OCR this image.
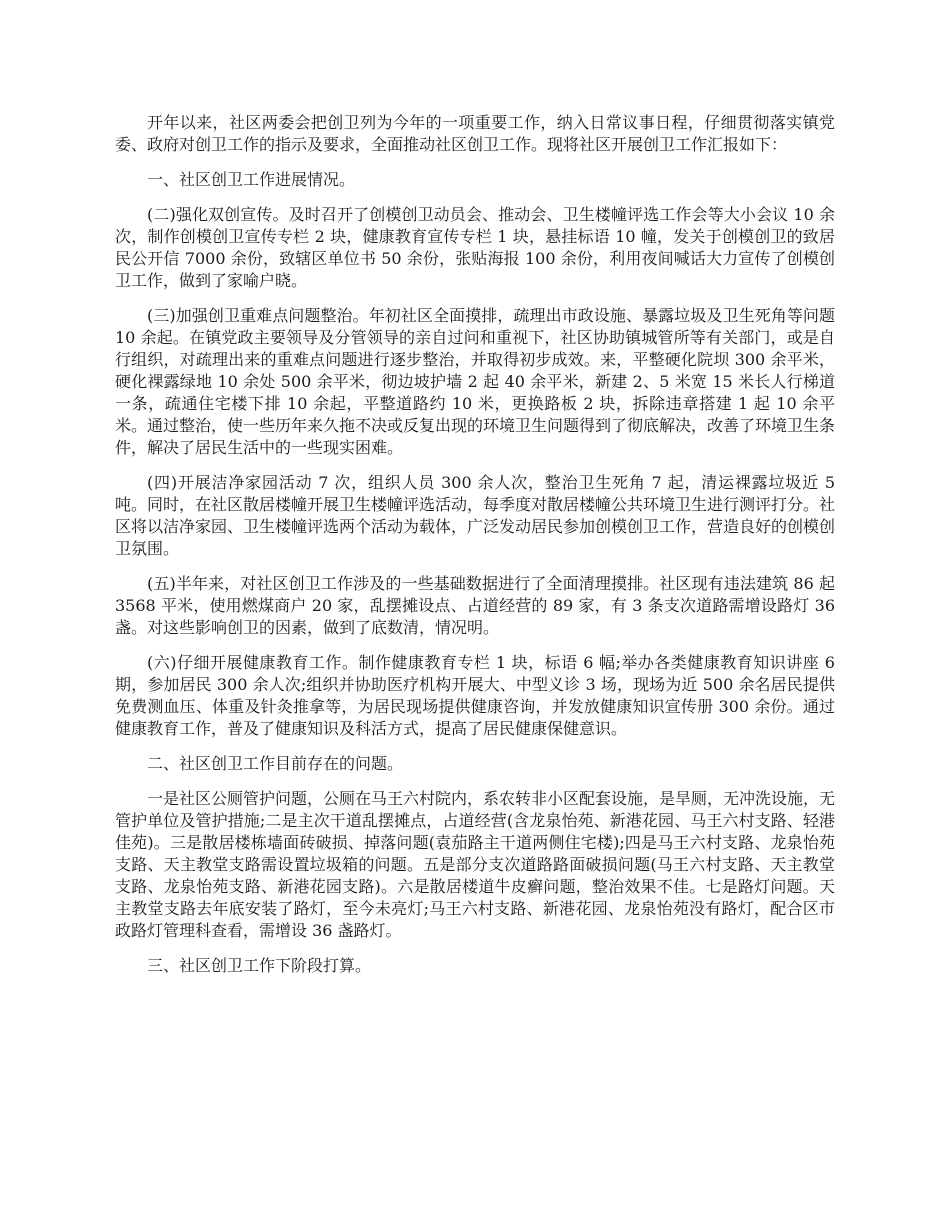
开年以来，社区两委会把创卫列为今年的一项重要工作，纳入日常议事日程，仔细贯彻落实镇党委、政府对创卫工作的指示及要求，全面推动社区创卫工作。现将社区开展创卫工作汇报如下：

一、社区创卫工作进展情况。

(二)强化双创宣传。及时召开了创模创卫动员会、推动会、卫生楼幢评选工作会等大小会议 10 余次，制作创模创卫宣传专栏 2 块，健康教育宣传专栏 1 块，悬挂标语 10 幢，发关于创模创卫的致居民公开信 7000 余份，致辖区单位书 50 余份，张贴海报 100 余份，利用夜间喊话大力宣传了创模创卫工作，做到了家喻户晓。

(三)加强创卫重难点问题整治。年初社区全面摸排，疏理出市政设施、暴露垃圾及卫生死角等问题 10 余起。在镇党政主要领导及分管领导的亲自过问和重视下，社区协助镇城管所等有关部门，或是自行组织，对疏理出来的重难点问题进行逐步整治，并取得初步成效。来，平整硬化院坝 300 余平米，硬化裸露绿地 10 余处 500 余平米，彻边坡护墙 2 起 40 余平米，新建 2、5 米宽 15 米长人行梯道一条，疏通住宅楼下排 10 余起，平整道路约 10 米，更换路板 2 块，拆除违章搭建 1 起 10 余平米。通过整治，使一些历年来久拖不决或反复出现的环境卫生问题得到了彻底解决，改善了环境卫生条件，解决了居民生活中的一些现实困难。

(四)开展洁净家园活动 7 次，组织人员 300 余人次，整治卫生死角 7 起，清运裸露垃圾近 5 吨。同时，在社区散居楼幢开展卫生楼幢评选活动，每季度对散居楼幢公共环境卫生进行测评打分。社区将以洁净家园、卫生楼幢评选两个活动为载体，广泛发动居民参加创模创卫工作，营造良好的创模创卫氛围。

(五)半年来，对社区创卫工作涉及的一些基础数据进行了全面清理摸排。社区现有违法建筑 86 起 3568 平米，使用燃煤商户 20 家，乱摆摊设点、占道经营的 89 家，有 3 条支次道路需增设路灯 36 盏。对这些影响创卫的因素，做到了底数清，情况明。

(六)仔细开展健康教育工作。制作健康教育专栏 1 块，标语 6 幅;举办各类健康教育知识讲座 6 期，参加居民 300 余人次;组织并协助医疗机构开展大、中型义诊 3 场，现场为近 500 余名居民提供免费测血压、体重及针灸推拿等，为居民现场提供健康咨询，并发放健康知识宣传册 300 余份。通过健康教育工作，普及了健康知识及科活方式，提高了居民健康保健意识。

二、社区创卫工作目前存在的问题。

一是社区公厕管护问题，公厕在马王六村院内，系农转非小区配套设施，是旱厕，无冲洗设施，无管护单位及管护措施;二是主次干道乱摆摊点，占道经营(含龙泉怡苑、新港花园、马王六村支路、轻港佳苑)。三是散居楼栋墙面砖破损、掉落问题(袁茄路主干道两侧住宅楼);四是马王六村支路、龙泉怡苑支路、天主教堂支路需设置垃圾箱的问题。五是部分支次道路路面破损问题(马王六村支路、天主教堂支路、龙泉怡苑支路、新港花园支路)。六是散居楼道牛皮癣问题，整治效果不佳。七是路灯问题。天主教堂支路去年底安装了路灯，至今未亮灯;马王六村支路、新港花园、龙泉怡苑没有路灯，配合区市政路灯管理科查看，需增设 36 盏路灯。

三、社区创卫工作下阶段打算。
